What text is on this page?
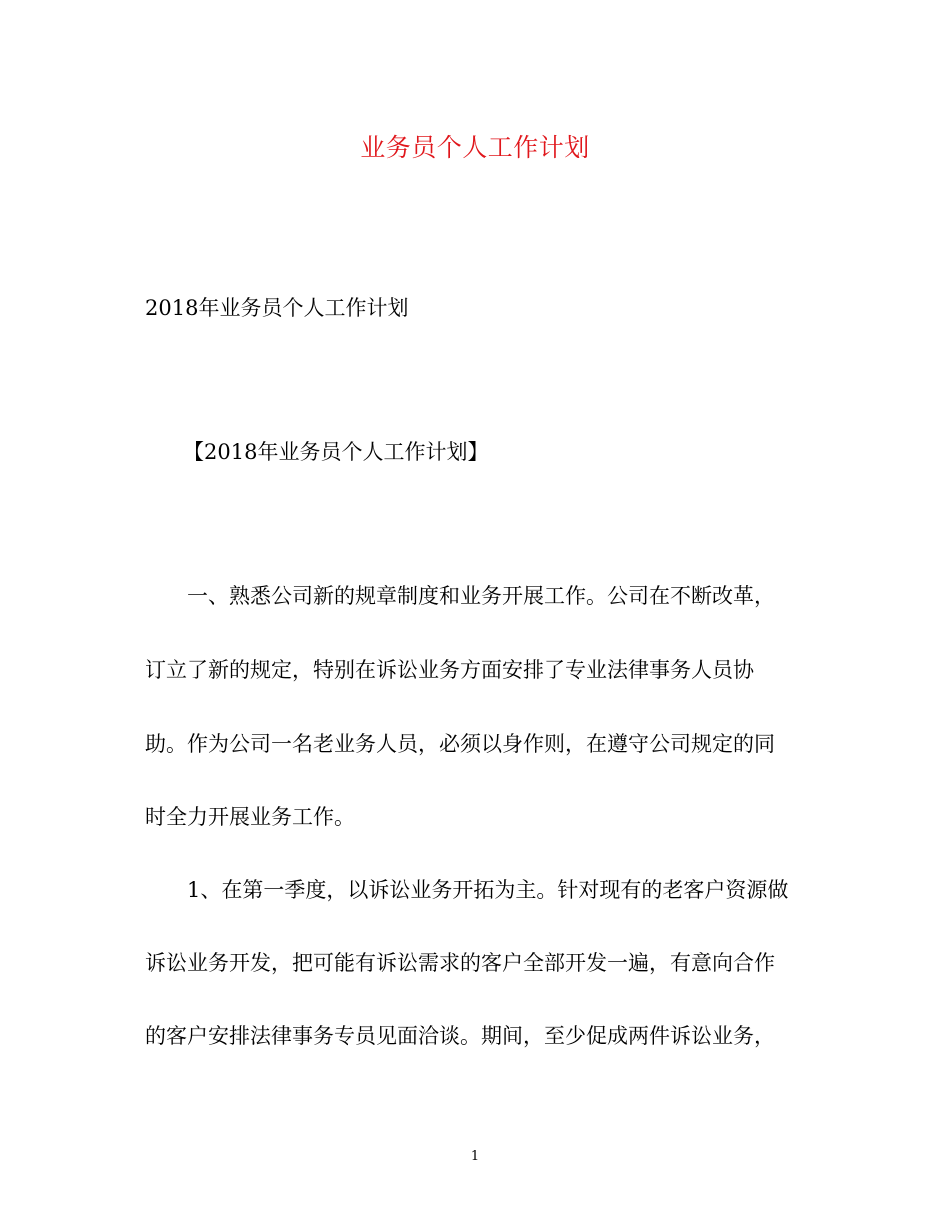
业务员个人工作计划
2018年业务员个人工作计划
【2018年业务员个人工作计划】
一、熟悉公司新的规章制度和业务开展工作。公司在不断改革，
订立了新的规定，特别在诉讼业务方面安排了专业法律事务人员协
助。作为公司一名老业务人员，必须以身作则，在遵守公司规定的同
时全力开展业务工作。
1、在第一季度，以诉讼业务开拓为主。针对现有的老客户资源做
诉讼业务开发，把可能有诉讼需求的客户全部开发一遍，有意向合作
的客户安排法律事务专员见面洽谈。期间，至少促成两件诉讼业务，
1
